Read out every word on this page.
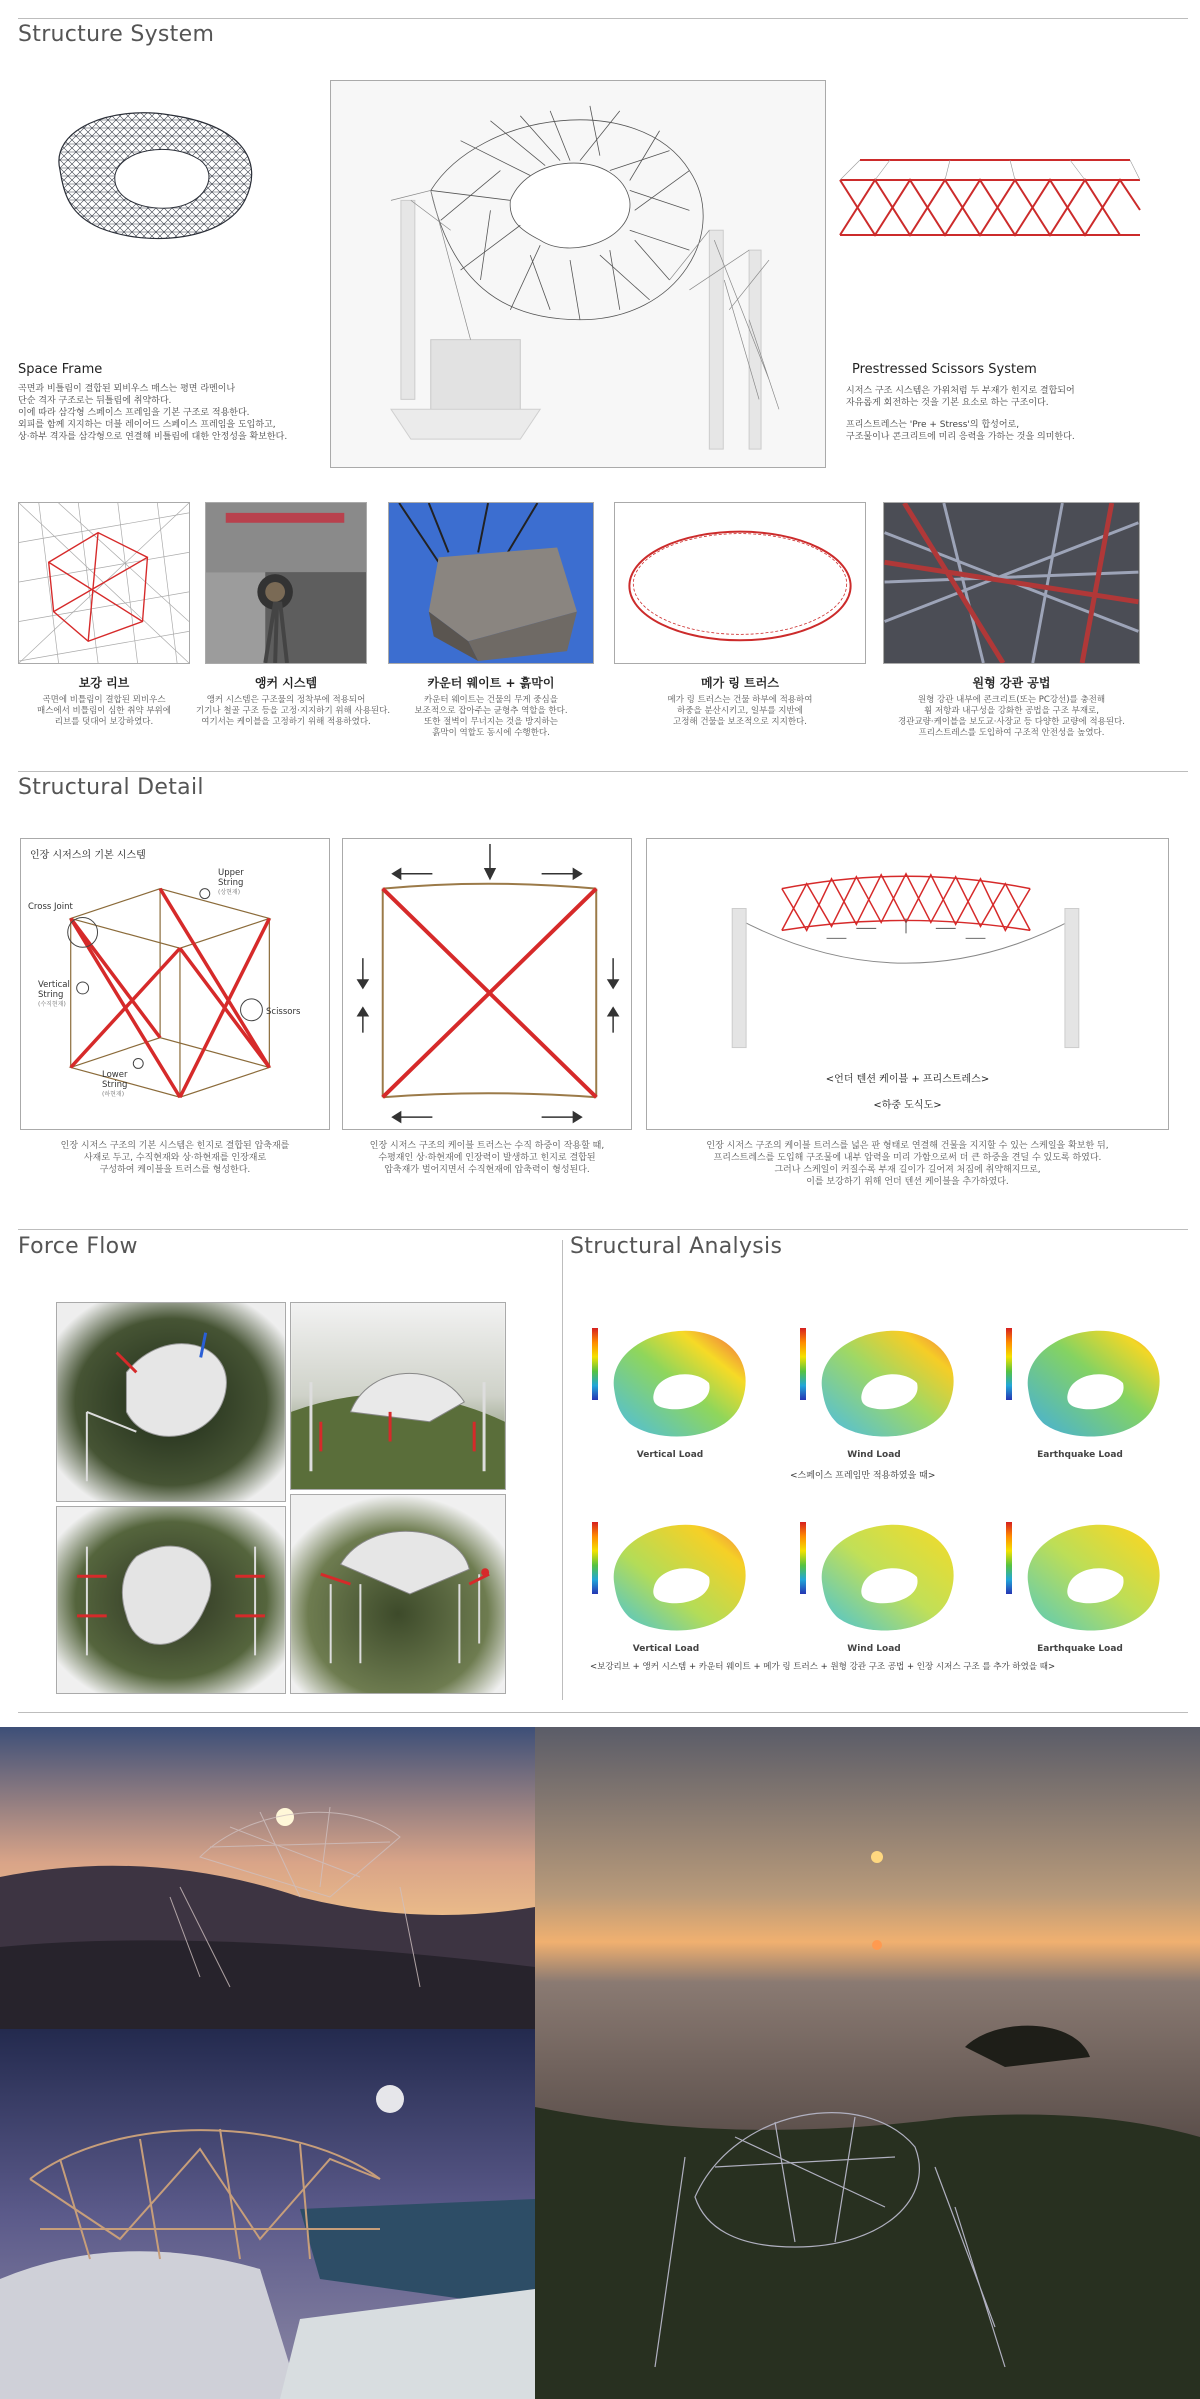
Structure System
Space Frame
곡면과 비틀림이 결합된 뫼비우스 매스는 평면 라멘이나
단순 격자 구조로는 뒤틀림에 취약하다.
이에 따라 삼각형 스페이스 프레임을 기본 구조로 적용한다.
외피를 함께 지지하는 더블 레이어드 스페이스 프레임을 도입하고,
상·하부 격자를 삼각형으로 연결해 비틀림에 대한 안정성을 확보한다.
Prestressed Scissors System
시저스 구조 시스템은 가위처럼 두 부재가 힌지로 결합되어
자유롭게 회전하는 것을 기본 요소로 하는 구조이다.
프리스트레스는 'Pre + Stress'의 합성어로,
구조물이나 콘크리트에 미리 응력을 가하는 것을 의미한다.
보강 리브
곡면에 비틀림이 결합된 뫼비우스
매스에서 비틀림이 심한 취약 부위에
리브를 덧대어 보강하였다.
앵커 시스템
앵커 시스템은 구조물의 정착부에 적용되어
기기나 철골 구조 등을 고정·지지하기 위해 사용된다.
여기서는 케이블을 고정하기 위해 적용하였다.
카운터 웨이트 + 흙막이
카운터 웨이트는 건물의 무게 중심을
보조적으로 잡아주는 균형추 역할을 한다.
또한 절벽이 무너지는 것을 방지하는
흙막이 역할도 동시에 수행한다.
메가 링 트러스
메가 링 트러스는 건물 하부에 적용하여
하중을 분산시키고, 일부를 지반에
고정해 건물을 보조적으로 지지한다.
원형 강관 공법
원형 강관 내부에 콘크리트(또는 PC강선)를 충전해
휨 저항과 내구성을 강화한 공법을 구조 부재로,
경관교량·케이블을 보도교·사장교 등 다양한 교량에 적용된다.
프리스트레스를 도입하여 구조적 안전성을 높였다.
Structural Detail
인장 시저스의 기본 시스템
Upper String
(상현재)
Cross Joint
Vertical String
(수직현재)
Scissors
Lower String
(하현재)
<언더 텐션 케이블 + 프리스트레스>
<하중 도식도>
인장 시저스 구조의 기본 시스템은 힌지로 결합된 압축재를
사재로 두고, 수직현재와 상·하현재를 인장재로
구성하여 케이블을 트러스를 형성한다.
인장 시저스 구조의 케이블 트러스는 수직 하중이 작용할 때,
수평재인 상·하현재에 인장력이 발생하고 힌지로 결합된
압축재가 벌어지면서 수직현재에 압축력이 형성된다.
인장 시저스 구조의 케이블 트러스를 넓은 판 형태로 연결해 건물을 지지할 수 있는 스케일을 확보한 뒤,
프리스트레스를 도입해 구조물에 내부 압력을 미리 가함으로써 더 큰 하중을 견딜 수 있도록 하였다.
그러나 스케일이 커질수록 부재 길이가 길어져 처짐에 취약해지므로,
이를 보강하기 위해 언더 텐션 케이블을 추가하였다.
Force Flow	Structural Analysis
Vertical Load	Wind Load	Earthquake Load
<스페이스 프레임만 적용하였을 때>
Vertical Load	Wind Load	Earthquake Load
<보강리브 + 앵커 시스템 + 카운터 웨이트 + 메가 링 트러스 + 원형 강관 구조 공법 + 인장 시저스 구조 를 추가 하였을 때>
